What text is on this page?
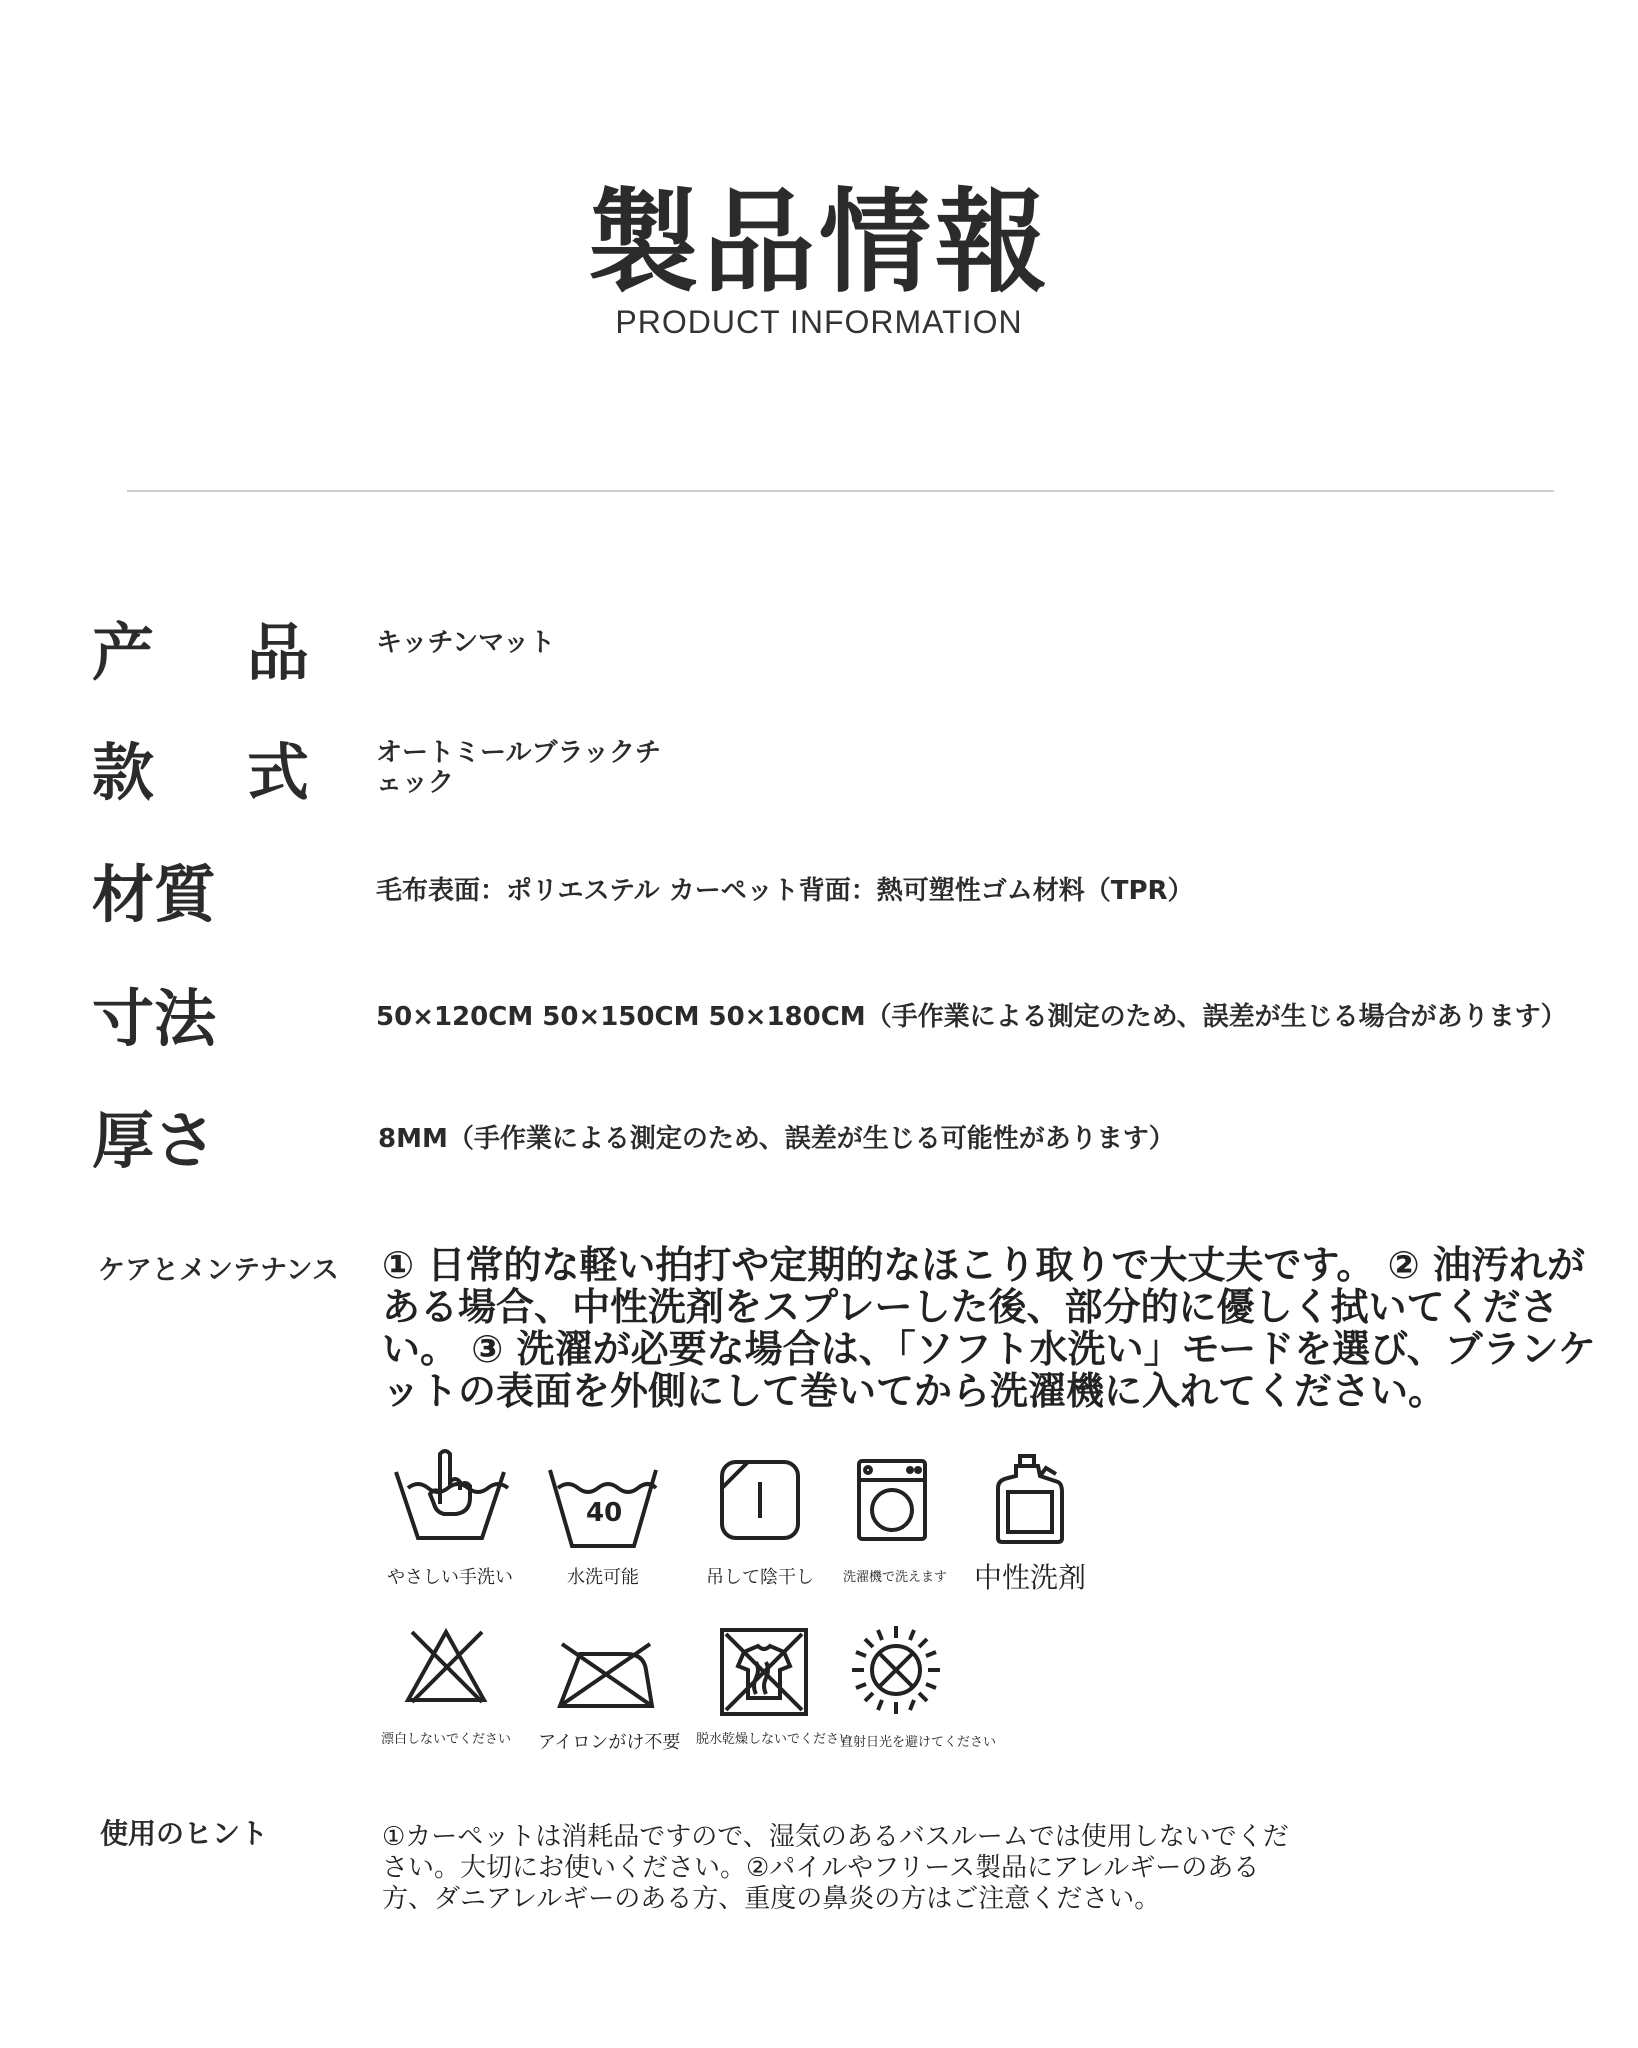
製品情報
PRODUCT INFORMATION
产 品	キッチンマット
款 式	オートミールブラックチェック
材質	毛布表面：ポリエステル カーペット背面：熱可塑性ゴム材料（TPR）
寸法	50×120CM 50×150CM 50×180CM（手作業による測定のため、誤差が生じる場合があります）
厚さ	8MM（手作業による測定のため、誤差が生じる可能性があります）
ケアとメンテナンス ① 日常的な軽い拍打や定期的なほこり取りで大丈夫です。 ② 油汚れがある場合、中性洗剤をスプレーした後、部分的に優しく拭いてください。 ③ 洗濯が必要な場合は、「ソフト水洗い」モードを選び、ブランケットの表面を外側にして巻いてから洗濯機に入れてください。
やさしい手洗い
40
水洗可能	吊して陰干し	洗濯機で洗えます 中性洗剤
漂白しないでください アイロンがけ不要 脱水乾燥しないでください
直射日光を避けてください
使用のヒント	①カーペットは消耗品ですので、湿気のあるバスルームでは使用しないでください。大切にお使いください。②パイルやフリース製品にアレルギーのある方、ダニアレルギーのある方、重度の鼻炎の方はご注意ください。
